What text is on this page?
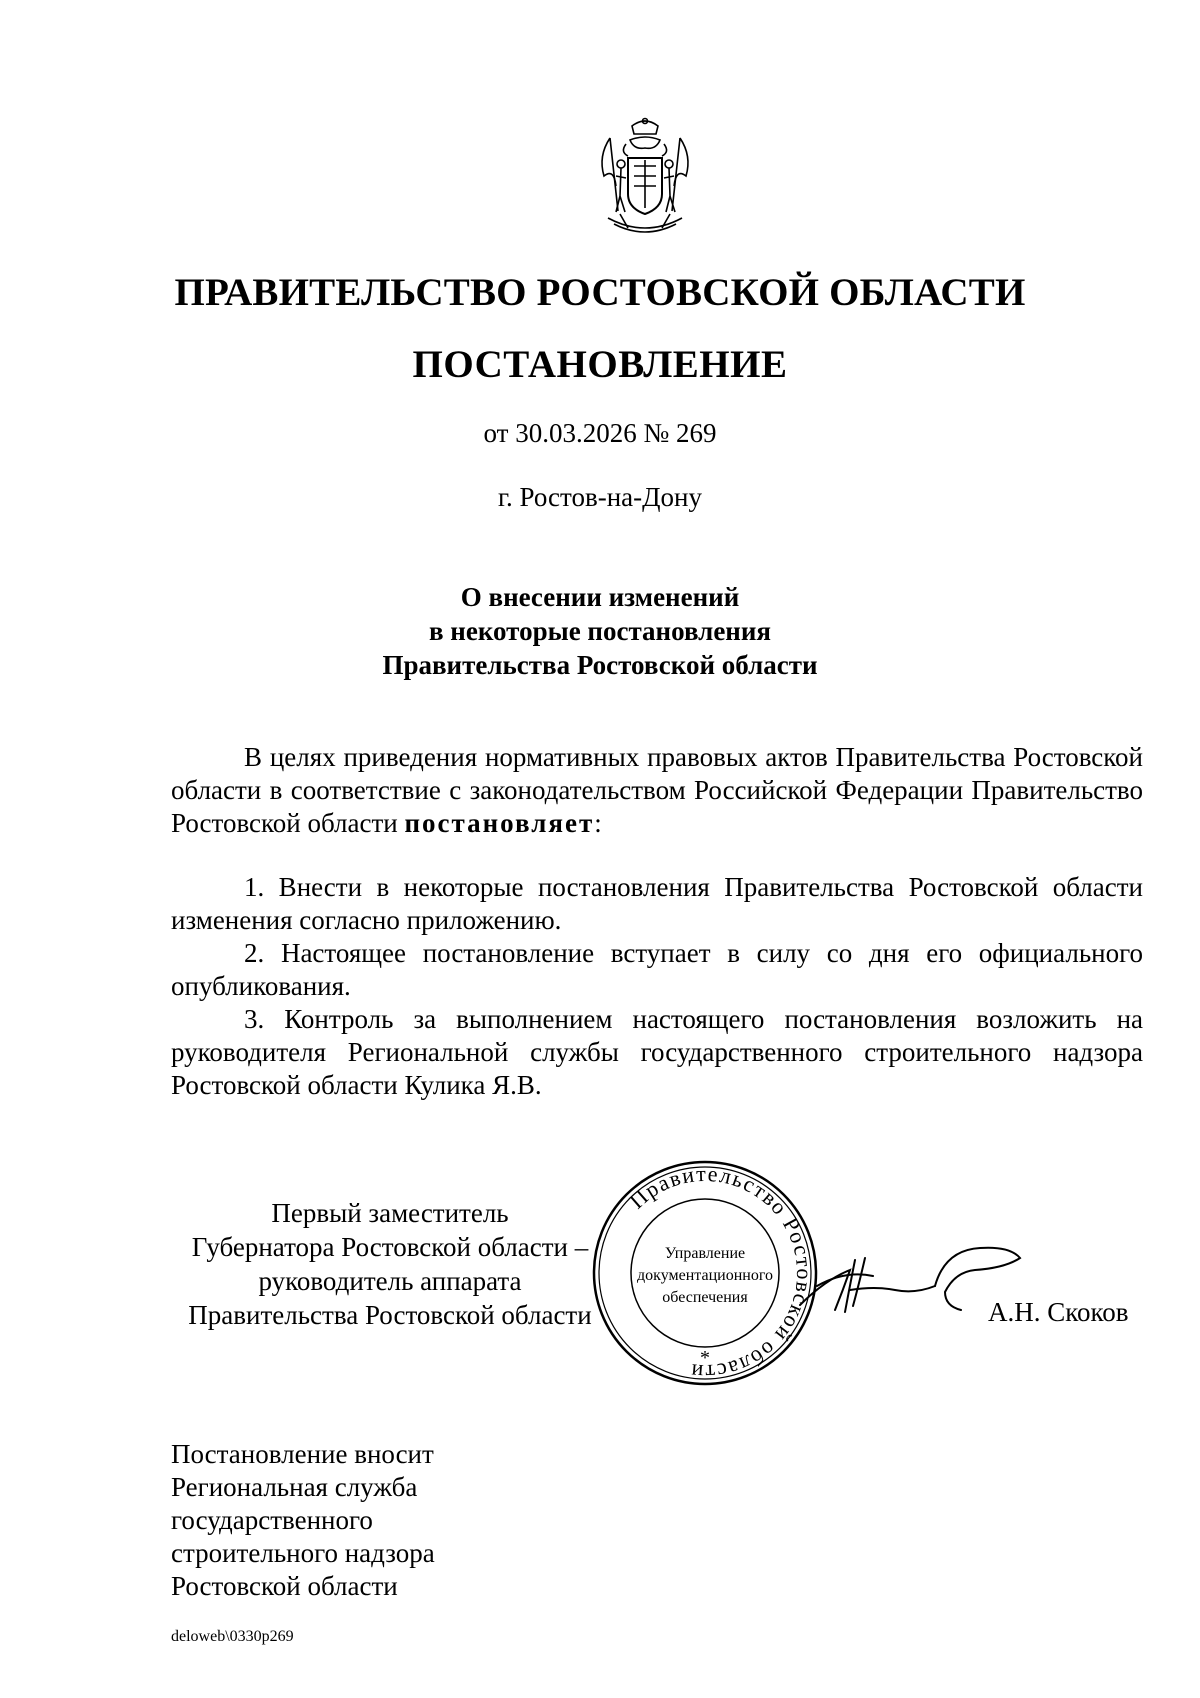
ПРАВИТЕЛЬСТВО РОСТОВСКОЙ ОБЛАСТИ
ПОСТАНОВЛЕНИЕ
от 30.03.2026 № 269
г. Ростов-на-Дону
О внесении изменений
в некоторые постановления
Правительства Ростовской области

В целях приведения нормативных правовых актов Правительства Ростовской области в соответствие с законодательством Российской Федерации Правительство Ростовской области постановляет:

1. Внести в некоторые постановления Правительства Ростовской области изменения согласно приложению.

2. Настоящее постановление вступает в силу со дня его официального опубликования.

3. Контроль за выполнением настоящего постановления возложить на руководителя Региональной службы государственного строительного надзора Ростовской области Кулика Я.В.

Первый заместитель
Губернатора Ростовской области –
руководитель аппарата
Правительства Ростовской области
Правительство Ростовской области
Управление
документационного
обеспечения
*
А.Н. Скоков
Постановление вносит
Региональная служба
государственного
строительного надзора
Ростовской области
deloweb\0330p269
